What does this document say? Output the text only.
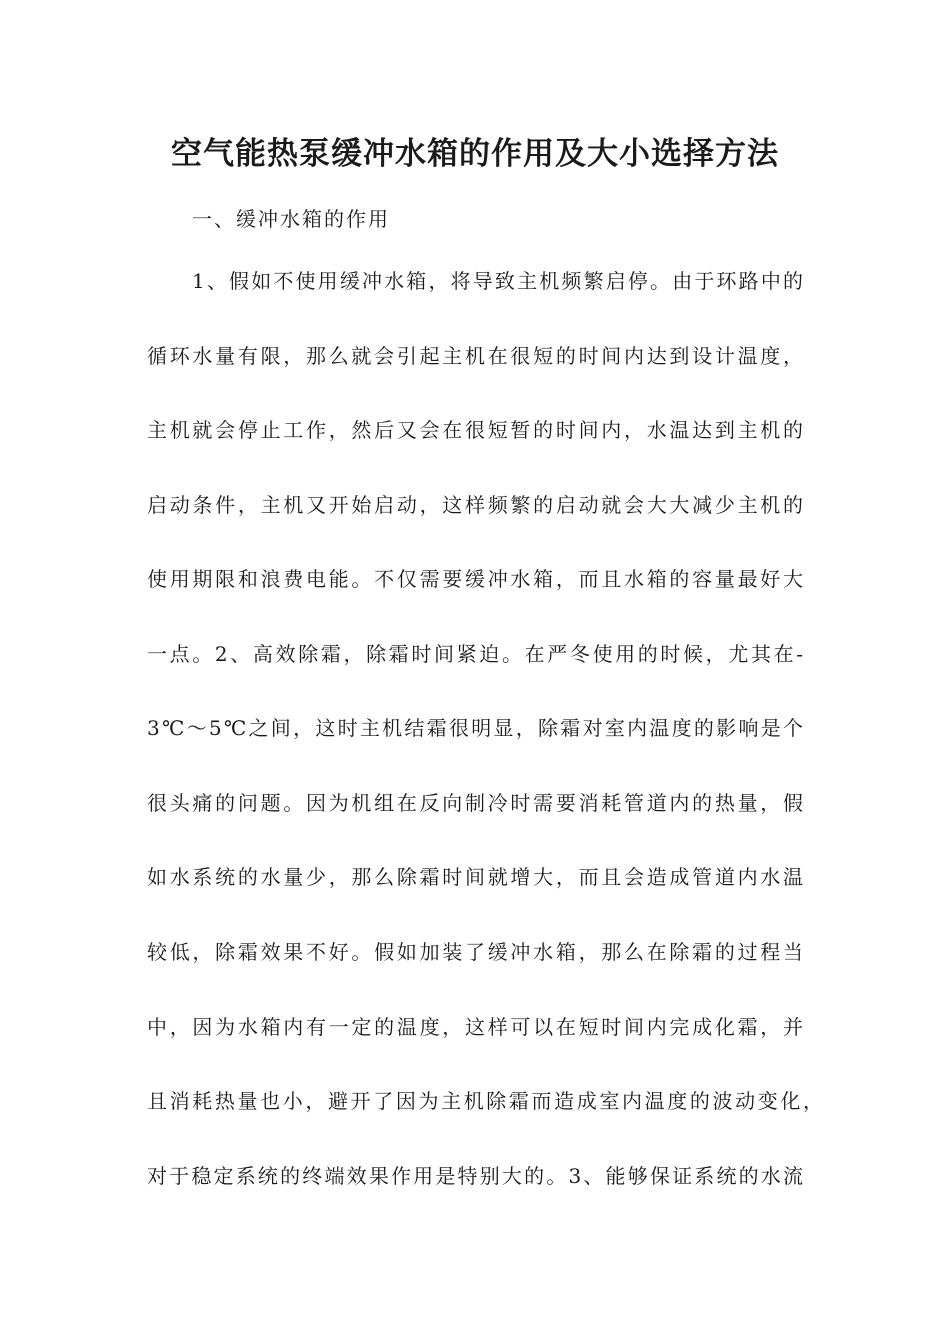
空气能热泵缓冲水箱的作用及大小选择方法

一、缓冲水箱的作用

1、假如不使用缓冲水箱，将导致主机频繁启停。由于环路中的

循环水量有限，那么就会引起主机在很短的时间内达到设计温度，

主机就会停止工作，然后又会在很短暂的时间内，水温达到主机的

启动条件，主机又开始启动，这样频繁的启动就会大大减少主机的

使用期限和浪费电能。不仅需要缓冲水箱，而且水箱的容量最好大

一点。2、高效除霜，除霜时间紧迫。在严冬使用的时候，尤其在-

3℃～5℃之间，这时主机结霜很明显，除霜对室内温度的影响是个

很头痛的问题。因为机组在反向制冷时需要消耗管道内的热量，假

如水系统的水量少，那么除霜时间就增大，而且会造成管道内水温

较低，除霜效果不好。假如加装了缓冲水箱，那么在除霜的过程当

中，因为水箱内有一定的温度，这样可以在短时间内完成化霜，并

且消耗热量也小，避开了因为主机除霜而造成室内温度的波动变化，

对于稳定系统的终端效果作用是特别大的。3、能够保证系统的水流
